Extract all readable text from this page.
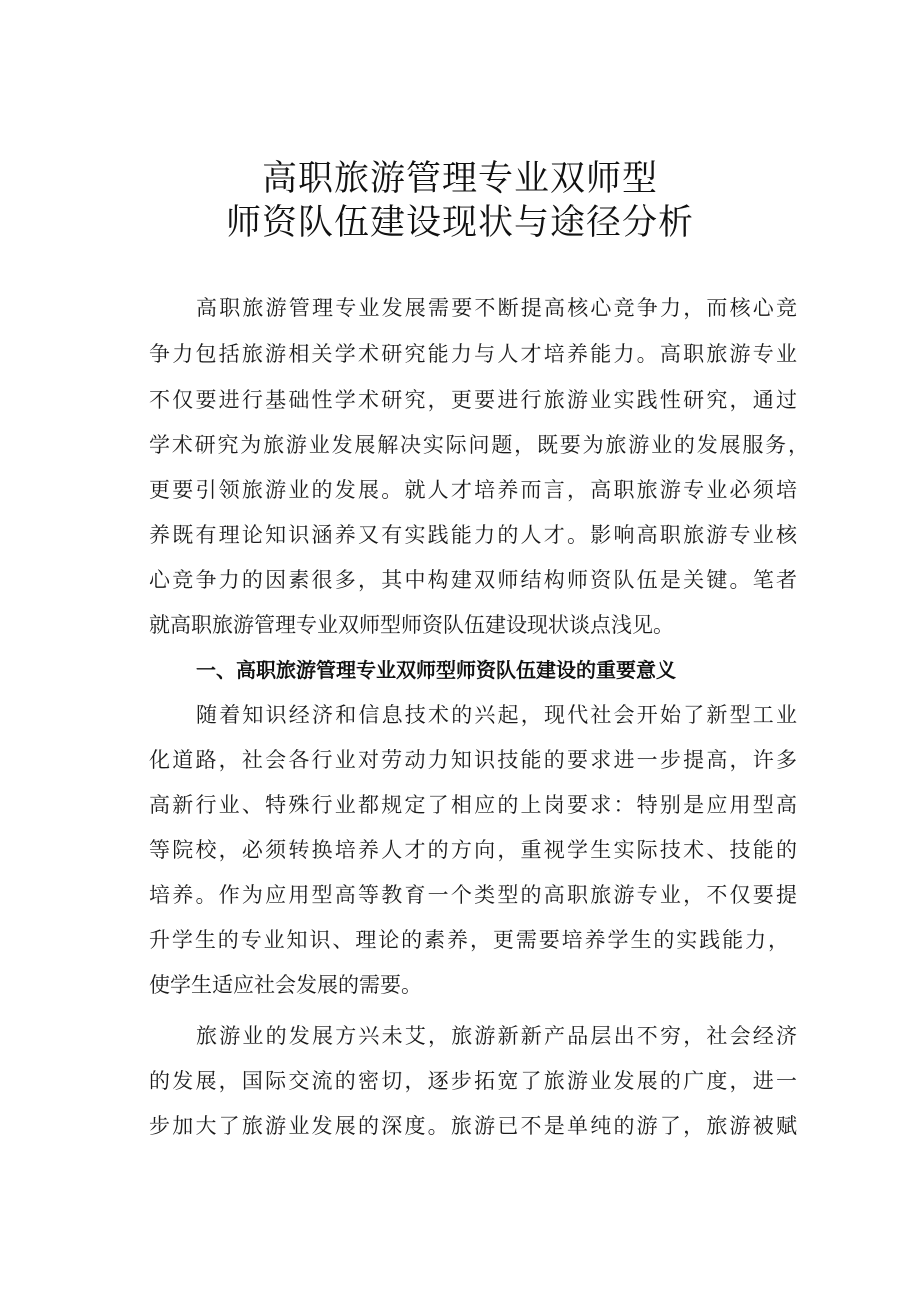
高职旅游管理专业双师型
师资队伍建设现状与途径分析
高职旅游管理专业发展需要不断提高核心竞争力，而核心竞
争力包括旅游相关学术研究能力与人才培养能力。高职旅游专业
不仅要进行基础性学术研究，更要进行旅游业实践性研究，通过
学术研究为旅游业发展解决实际问题，既要为旅游业的发展服务，
更要引领旅游业的发展。就人才培养而言，高职旅游专业必须培
养既有理论知识涵养又有实践能力的人才。影响高职旅游专业核
心竞争力的因素很多，其中构建双师结构师资队伍是关键。笔者
就高职旅游管理专业双师型师资队伍建设现状谈点浅见。
一、高职旅游管理专业双师型师资队伍建设的重要意义
随着知识经济和信息技术的兴起，现代社会开始了新型工业
化道路，社会各行业对劳动力知识技能的要求进一步提高，许多
高新行业、特殊行业都规定了相应的上岗要求：特别是应用型高
等院校，必须转换培养人才的方向，重视学生实际技术、技能的
培养。作为应用型高等教育一个类型的高职旅游专业，不仅要提
升学生的专业知识、理论的素养，更需要培养学生的实践能力，
使学生适应社会发展的需要。
旅游业的发展方兴未艾，旅游新新产品层出不穷，社会经济
的发展，国际交流的密切，逐步拓宽了旅游业发展的广度，进一
步加大了旅游业发展的深度。旅游已不是单纯的游了，旅游被赋
